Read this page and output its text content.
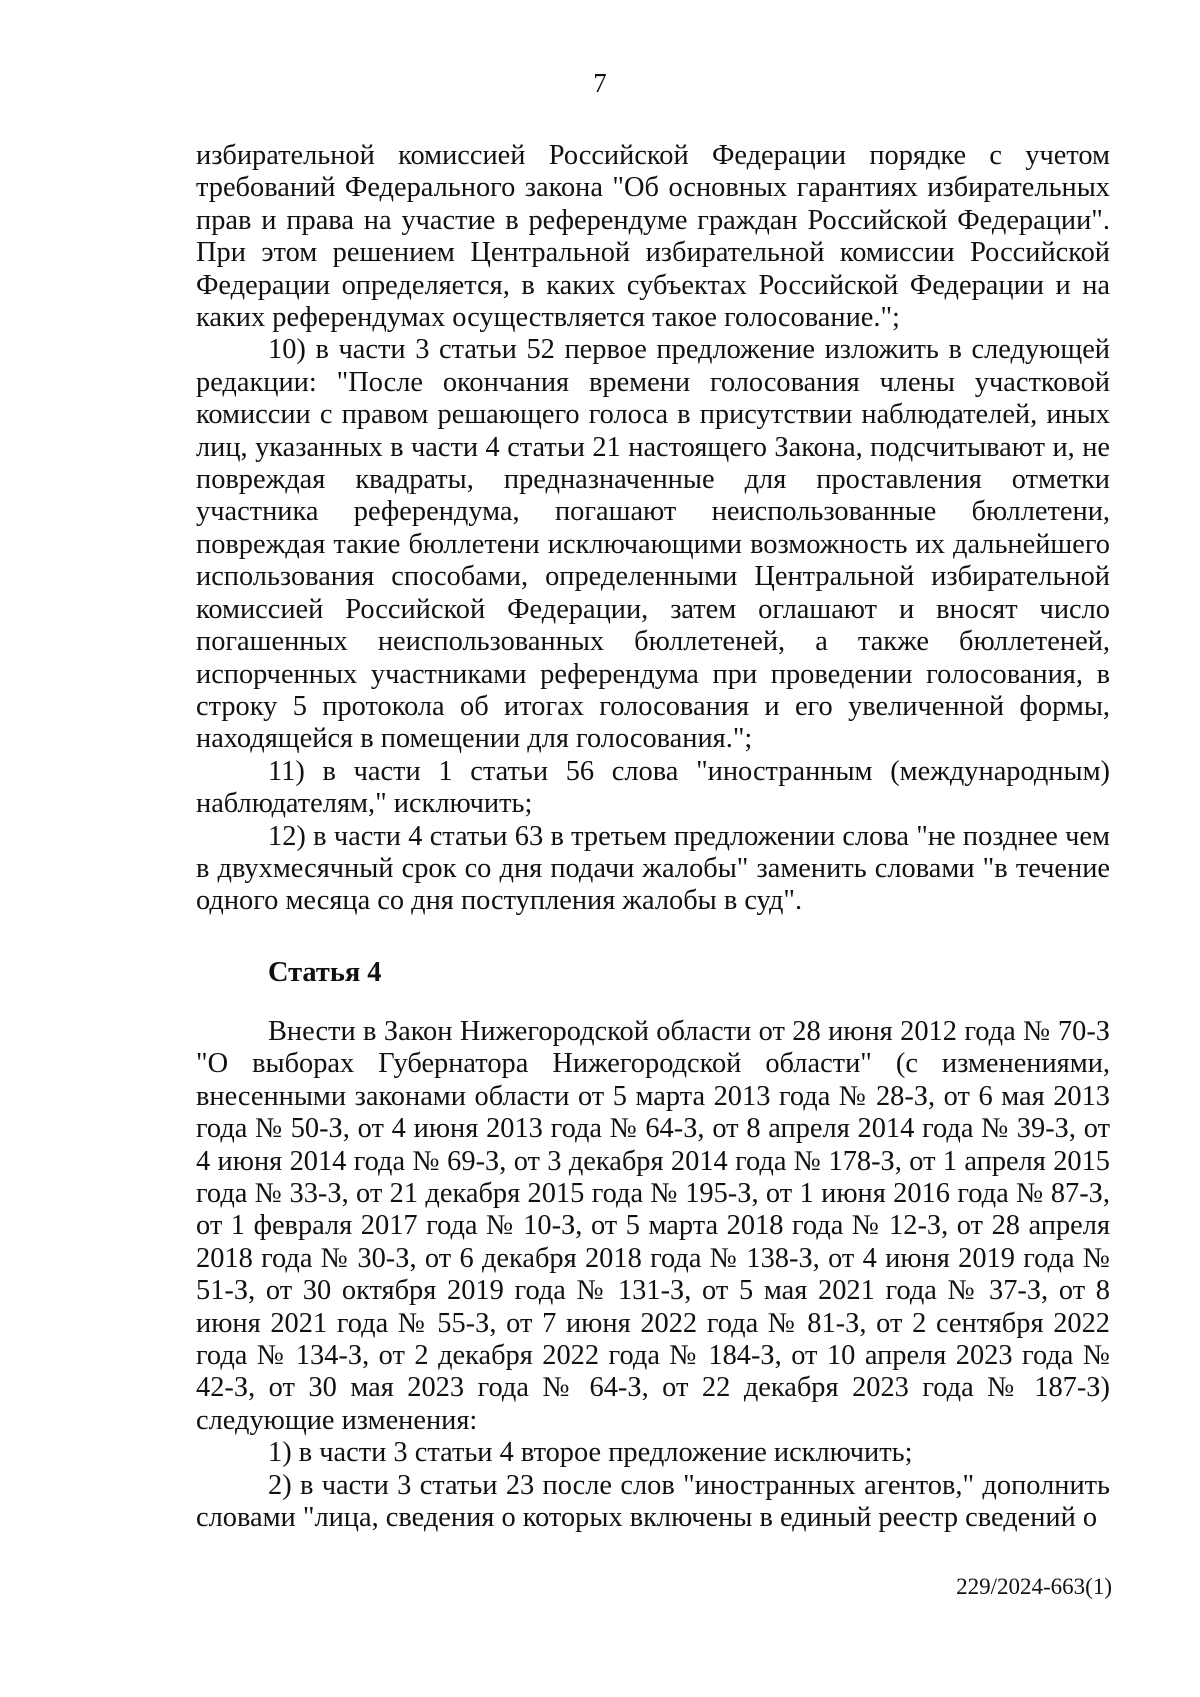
7

избирательной комиссией Российской Федерации порядке с учетом требований Федерального закона "Об основных гарантиях избирательных прав и права на участие в референдуме граждан Российской Федерации". При этом решением Центральной избирательной комиссии Российской Федерации определяется, в каких субъектах Российской Федерации и на каких референдумах осуществляется такое голосование.";

10) в части 3 статьи 52 первое предложение изложить в следующей редакции: "После окончания времени голосования члены участковой комиссии с правом решающего голоса в присутствии наблюдателей, иных лиц, указанных в части 4 статьи 21 настоящего Закона, подсчитывают и, не повреждая квадраты, предназначенные для проставления отметки участника референдума, погашают неиспользованные бюллетени, повреждая такие бюллетени исключающими возможность их дальнейшего использования способами, определенными Центральной избирательной комиссией Российской Федерации, затем оглашают и вносят число погашенных неиспользованных бюллетеней, а также бюллетеней, испорченных участниками референдума при проведении голосования, в строку 5 протокола об итогах голосования и его увеличенной формы, находящейся в помещении для голосования.";

11) в части 1 статьи 56 слова "иностранным (международным) наблюдателям," исключить;

12) в части 4 статьи 63 в третьем предложении слова "не позднее чем в двухмесячный срок со дня подачи жалобы" заменить словами "в течение одного месяца со дня поступления жалобы в суд".

Статья 4

Внести в Закон Нижегородской области от 28 июня 2012 года № 70-З "О выборах Губернатора Нижегородской области" (с изменениями, внесенными законами области от 5 марта 2013 года № 28-З, от 6 мая 2013 года № 50-З, от 4 июня 2013 года № 64-З, от 8 апреля 2014 года № 39-З, от 4 июня 2014 года № 69-З, от 3 декабря 2014 года № 178-З, от 1 апреля 2015 года № 33-З, от 21 декабря 2015 года № 195-З, от 1 июня 2016 года № 87-З, от 1 февраля 2017 года № 10-З, от 5 марта 2018 года № 12-З, от 28 апреля 2018 года № 30-З, от 6 декабря 2018 года № 138-З, от 4 июня 2019 года № 51-З, от 30 октября 2019 года № 131-З, от 5 мая 2021 года № 37-З, от 8 июня 2021 года № 55-З, от 7 июня 2022 года № 81-З, от 2 сентября 2022 года № 134-З, от 2 декабря 2022 года № 184-З, от 10 апреля 2023 года № 42-З, от 30 мая 2023 года № 64-З, от 22 декабря 2023 года № 187-З) следующие изменения:

1) в части 3 статьи 4 второе предложение исключить;

2) в части 3 статьи 23 после слов "иностранных агентов," дополнить словами "лица, сведения о которых включены в единый реестр сведений о

229/2024-663(1)
